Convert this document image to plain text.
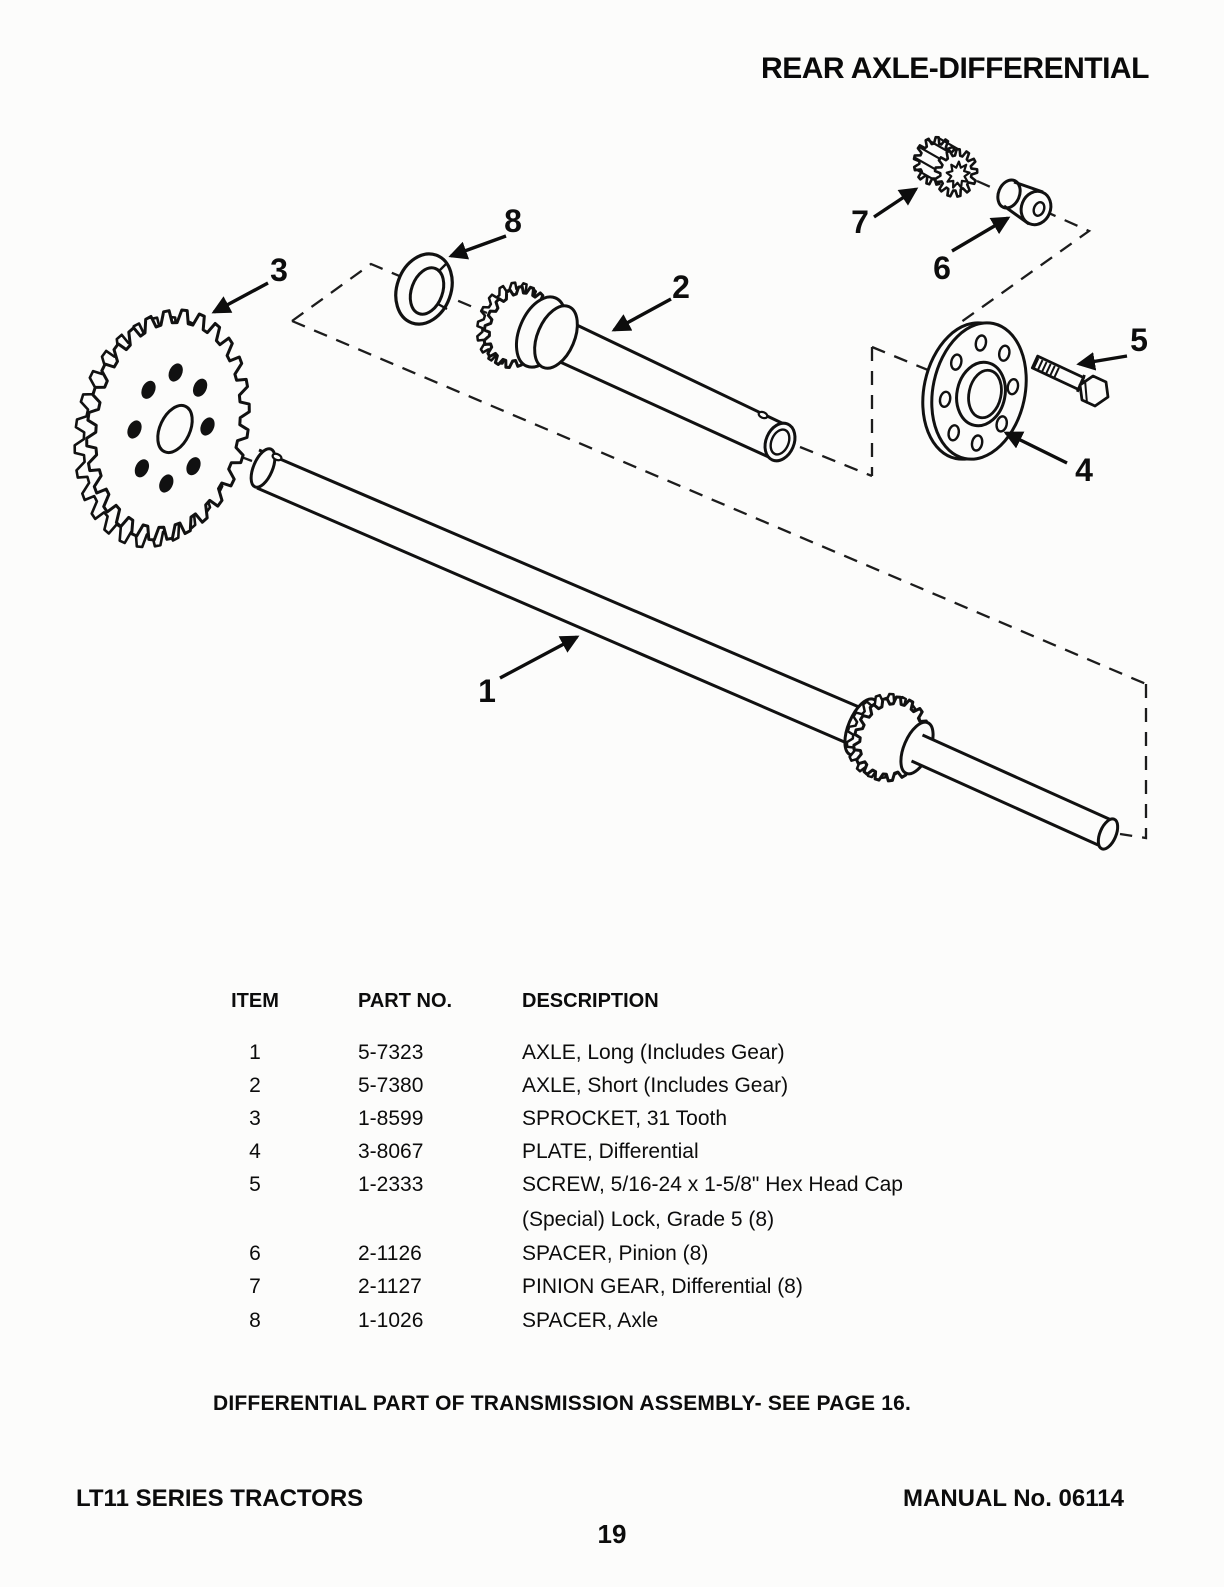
REAR AXLE-DIFFERENTIAL
1
2
3
4
5
6
7
8
ITEM	PART NO.	DESCRIPTION
1	5-7323	AXLE, Long (Includes Gear)
2	5-7380	AXLE, Short (Includes Gear)
3	1-8599	SPROCKET, 31 Tooth
4	3-8067	PLATE, Differential
5	1-2333	SCREW, 5/16-24 x 1-5/8" Hex Head Cap
(Special) Lock, Grade 5 (8)
6	2-1126	SPACER, Pinion (8)
7	2-1127	PINION GEAR, Differential (8)
8	1-1026	SPACER, Axle
DIFFERENTIAL PART OF TRANSMISSION ASSEMBLY- SEE PAGE 16.
LT11 SERIES TRACTORS	MANUAL No. 06114
19
